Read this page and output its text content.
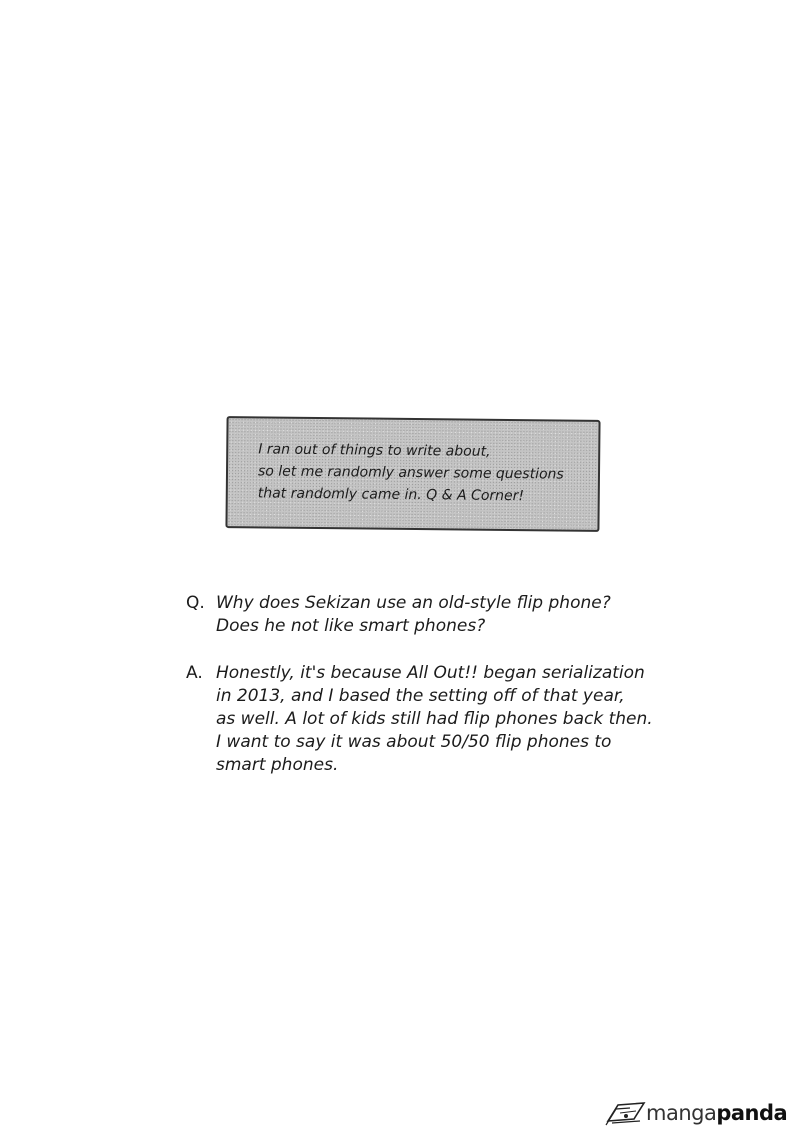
I ran out of things to write about,
so let me randomly answer some questions
that randomly came in. Q & A Corner!
Q. Why does Sekizan use an old-style flip phone?
Does he not like smart phones?
A. Honestly, it's because All Out!! began serialization
in 2013, and I based the setting off of that year,
as well. A lot of kids still had flip phones back then.
I want to say it was about 50/50 flip phones to
smart phones.
mangapanda
